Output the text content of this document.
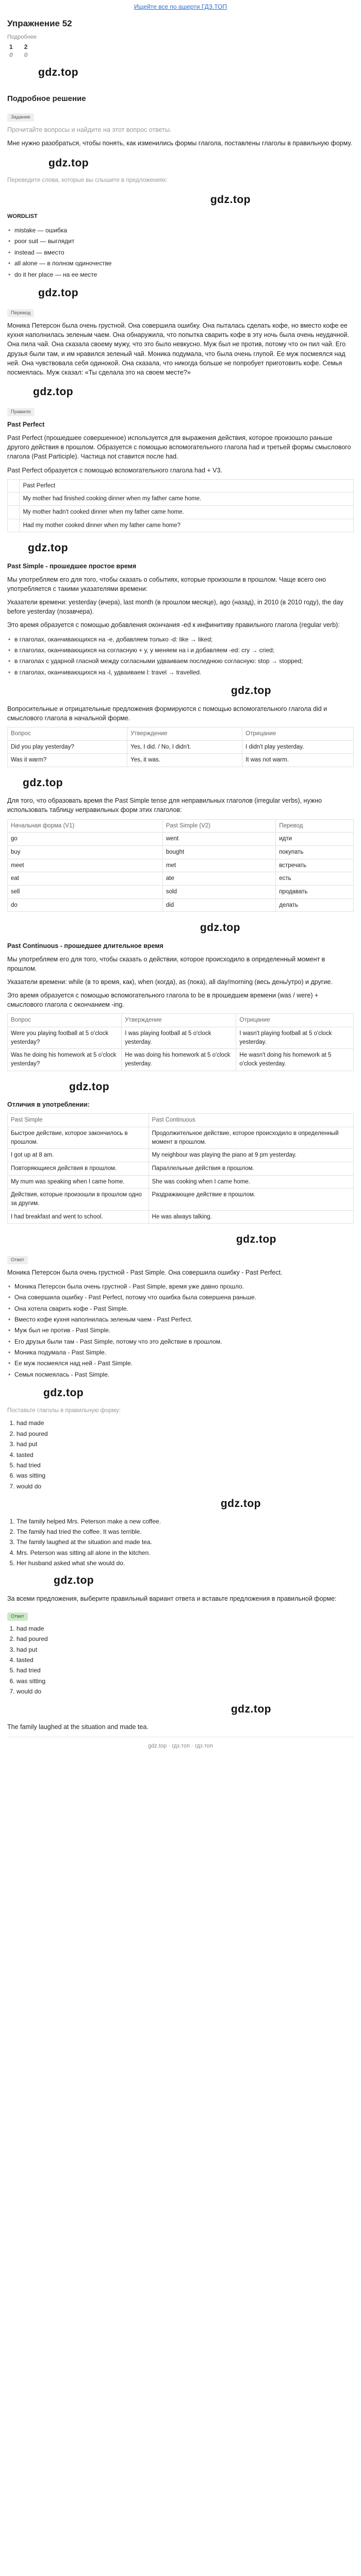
Ищейте все по ашерти ГДЗ.ТОП
Упражнение 52
Подробнее
1
0
2
0
gdz.top
Подробное решение
Задание

Прочитайте вопросы и найдите на этот вопрос ответы.

Мне нужно разобраться, чтобы понять, как изменились формы глагола, поставлены глаголы в правильную форму.

gdz.top

Переведите слова, которые вы слышите в предложениях:

gdz.top

WORDLIST

• mistake — ошибка
• poor suit — выглядит
• instead — вместо
• all alone — в полном одиночестве
• do it her place — на ее месте
gdz.top
Перевод

Моника Петерсон была очень грустной. Она совершила ошибку. Она пыталась сделать кофе, но вместо кофе ее кухня наполнилась зеленым чаем. Она обнаружила, что попытка сварить кофе в эту ночь была очень неудачной. Она пила чай. Она сказала своему мужу, что это было невкусно. Муж был не против, потому что он пил чай. Его друзья были там, и им нравился зеленый чай. Моника подумала, что была очень глупой. Ее муж посмеялся над ней. Она чувствовала себя одинокой. Она сказала, что никогда больше не попробует приготовить кофе. Семья посмеялась. Муж сказал: «Ты сделала это на своем месте?»

gdz.top
Правило

Past Perfect

Past Perfect (прошедшее совершенное) используется для выражения действия, которое произошло раньше другого действия в прошлом. Образуется с помощью вспомогательного глагола had и третьей формы смыслового глагола (Past Participle). Частица not ставится после had.

Past Perfect образуется с помощью вспомогательного глагола had + V3.

	Past Perfect
	My mother had finished cooking dinner when my father came home.
	My mother hadn't cooked dinner when my father came home.
	Had my mother cooked dinner when my father came home?
gdz.top

Past Simple - прошедшее простое время

Мы употребляем его для того, чтобы сказать о событиях, которые произошли в прошлом. Чаще всего оно употребляется с такими указателями времени:

Указатели времени: yesterday (вчера), last month (в прошлом месяце), ago (назад), in 2010 (в 2010 году), the day before yesterday (позавчера).

Это время образуется с помощью добавления окончания -ed к инфинитиву правильного глагола (regular verb):

• в глаголах, оканчивающихся на -е, добавляем только -d: like → liked;
• в глаголах, оканчивающихся на согласную + у, у меняем на i и добавляем -ed: cry → cried;
• в глаголах с ударной гласной между согласными удваиваем последнюю согласную: stop → stopped;
• в глаголах, оканчивающихся на -l, удваиваем l: travel → travelled.
gdz.top

Вопросительные и отрицательные предложения формируются с помощью вспомогательного глагола did и смыслового глагола в начальной форме.

Вопрос	Утверждение	Отрицание
Did you play yesterday?	Yes, I did. / No, I didn't.	I didn't play yesterday.
Was it warm?	Yes, it was.	It was not warm.
gdz.top

Для того, что образовать время the Past Simple tense для неправильных глаголов (irregular verbs), нужно использовать таблицу неправильных форм этих глаголов:

Начальная форма (V1)	Past Simple (V2)	Перевод
go	went	идти
buy	bought	покупать
meet	met	встречать
eat	ate	есть
sell	sold	продавать
do	did	делать
gdz.top

Past Continuous - прошедшее длительное время

Мы употребляем его для того, чтобы сказать о действии, которое происходило в определенный момент в прошлом.

Указатели времени: while (в то время, как), when (когда), as (пока), all day/morning (весь день/утро) и другие.

Это время образуется с помощью вспомогательного глагола to be в прошедшем времени (was / were) + смыслового глагола с окончанием -ing.

Вопрос	Утверждение	Отрицание
Were you playing football at 5 o'clock yesterday?	I was playing football at 5 o'clock yesterday.	I wasn't playing football at 5 o'clock yesterday.
Was he doing his homework at 5 o'clock yesterday?	He was doing his homework at 5 o'clock yesterday.	He wasn't doing his homework at 5 o'clock yesterday.
gdz.top

Отличия в употреблении:

Past Simple	Past Continuous
Быстрое действие, которое закончилось в прошлом.	Продолжительное действие, которое происходило в определенный момент в прошлом.
I got up at 8 am.	My neighbour was playing the piano at 9 pm yesterday.
Повторяющиеся действия в прошлом.	Параллельные действия в прошлом.
My mum was speaking when I came home.	She was cooking when I came home.
Действия, которые произошли в прошлом одно за другим.	Раздражающее действие в прошлом.
I had breakfast and went to school.	He was always talking.
gdz.top
Ответ

Моника Петерсон была очень грустной - Past Simple. Она совершила ошибку - Past Perfect.

• Моника Петерсон была очень грустной - Past Simple, время уже давно прошло.
• Она совершила ошибку - Past Perfect, потому что ошибка была совершена раньше.
• Она хотела сварить кофе - Past Simple.
• Вместо кофе кухня наполнилась зеленым чаем - Past Perfect.
• Муж был не против - Past Simple.
• Его друзья были там - Past Simple, потому что это действие в прошлом.
• Моника подумала - Past Simple.
• Ее муж посмеялся над ней - Past Simple.
• Семья посмеялась - Past Simple.
gdz.top

Поставьте глаголы в правильную форму:

1. had made
2. had poured
3. had put
4. tasted
5. had tried
6. was sitting
7. would do
gdz.top
1. The family helped Mrs. Peterson make a new coffee.
2. The family had tried the coffee. It was terrible.
3. The family laughed at the situation and made tea.
4. Mrs. Peterson was sitting all alone in the kitchen.
5. Her husband asked what she would do.
gdz.top

За всеми предложения, выберите правильный вариант ответа и вставьте предложения в правильной форме:

Ответ
1. had made
2. had poured
3. had put
4. tasted
5. had tried
6. was sitting
7. would do
gdz.top

The family laughed at the situation and made tea.

gdz.top · гдз.топ · гдз.топ
